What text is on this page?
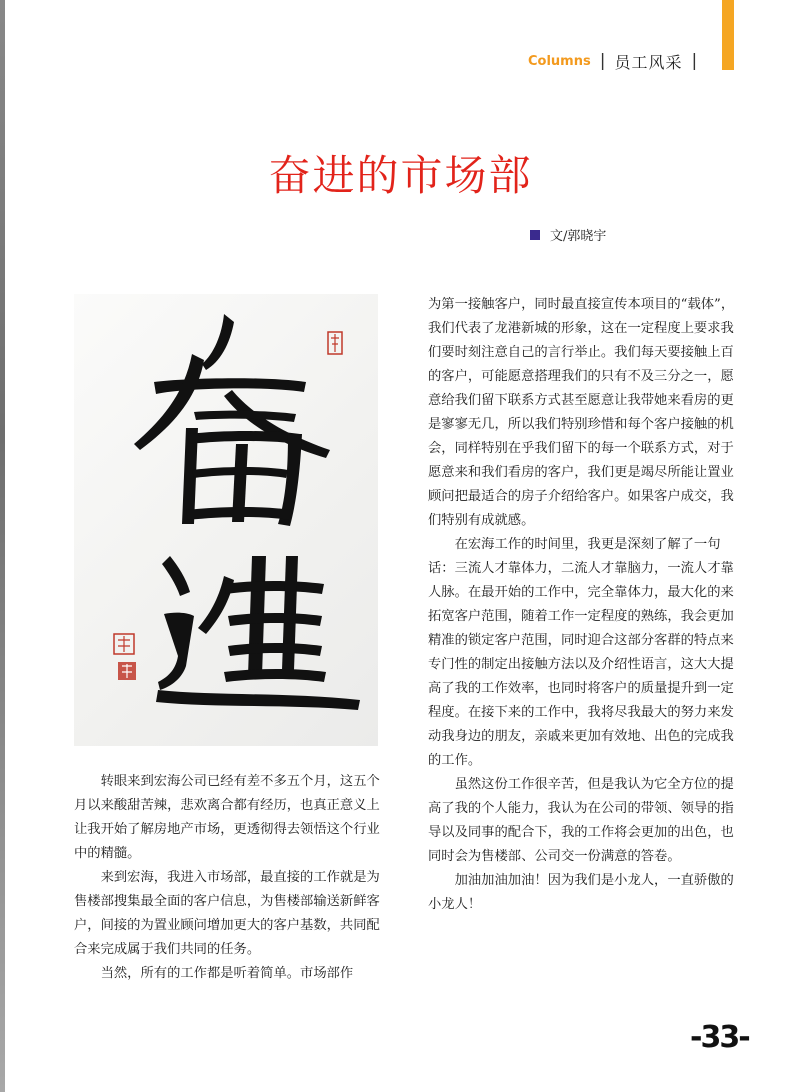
Columns | 员工风采 |
奋进的市场部
文/郭晓宇

转眼来到宏海公司已经有差不多五个月，这五个月以来酸甜苦辣，悲欢离合都有经历，也真正意义上让我开始了解房地产市场，更透彻得去领悟这个行业中的精髓。

来到宏海，我进入市场部，最直接的工作就是为售楼部搜集最全面的客户信息，为售楼部输送新鲜客户，间接的为置业顾问增加更大的客户基数，共同配合来完成属于我们共同的任务。

当然，所有的工作都是听着简单。市场部作

为第一接触客户，同时最直接宣传本项目的“载体”，我们代表了龙港新城的形象，这在一定程度上要求我们要时刻注意自己的言行举止。我们每天要接触上百的客户，可能愿意搭理我们的只有不及三分之一，愿意给我们留下联系方式甚至愿意让我带她来看房的更是寥寥无几，所以我们特别珍惜和每个客户接触的机会，同样特别在乎我们留下的每一个联系方式，对于愿意来和我们看房的客户，我们更是竭尽所能让置业顾问把最适合的房子介绍给客户。如果客户成交，我们特别有成就感。

在宏海工作的时间里，我更是深刻了解了一句话：三流人才靠体力，二流人才靠脑力，一流人才靠人脉。在最开始的工作中，完全靠体力，最大化的来拓宽客户范围，随着工作一定程度的熟练，我会更加精准的锁定客户范围，同时迎合这部分客群的特点来专门性的制定出接触方法以及介绍性语言，这大大提高了我的工作效率，也同时将客户的质量提升到一定程度。在接下来的工作中，我将尽我最大的努力来发动我身边的朋友，亲戚来更加有效地、出色的完成我的工作。

虽然这份工作很辛苦，但是我认为它全方位的提高了我的个人能力，我认为在公司的带领、领导的指导以及同事的配合下，我的工作将会更加的出色，也同时会为售楼部、公司交一份满意的答卷。

加油加油加油！因为我们是小龙人，一直骄傲的小龙人！

-33-
